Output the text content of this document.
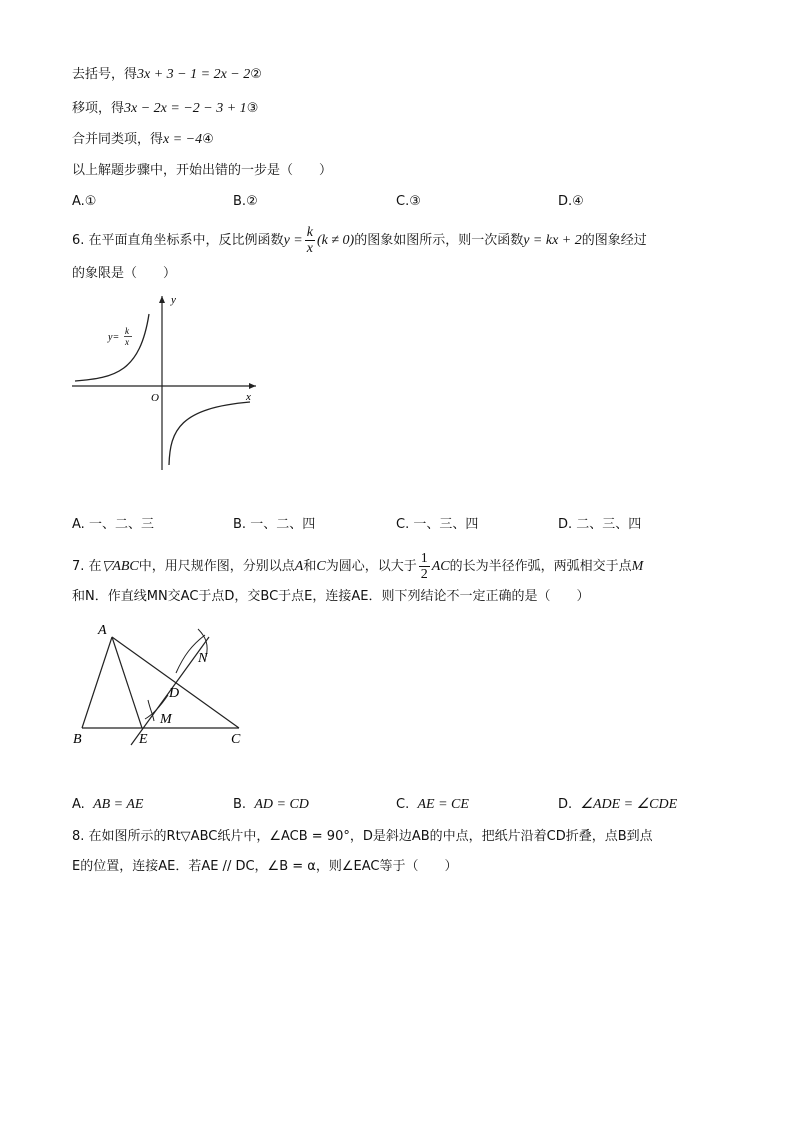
去括号，得3x + 3 − 1 = 2x − 2②
移项，得3x − 2x = −2 − 3 + 1③
合并同类项，得x = −4④
以上解题步骤中，开始出错的一步是（　　）
A.①	B.②	C.③	D.④
6. 在平面直角坐标系中，反比例函数$y = \frac{k}{x} (k \ne 0)$的图象如图所示，则一次函数y = kx + 2的图象经过
的象限是（　　）
y
x
O
y=
k
x
A. 一、二、三	B. 一、二、四	C. 一、三、四	D. 二、三、四
7. 在▽ABC中，用尺规作图，分别以点A和C为圆心，以大于 $\frac{1}{2}$ AC的长为半径作弧，两弧相交于点M
和N．作直线MN交AC于点D，交BC于点E，连接AE．则下列结论不一定正确的是（　　）
A
B	C
D
E
M
N
A. AB = AE	B. AD = CD	C. AE = CE	D. ∠ADE = ∠CDE
8. 在如图所示的Rt▽ABC纸片中，∠ACB = 90°，D是斜边AB的中点，把纸片沿着CD折叠，点B到点
E的位置，连接AE．若AE // DC，∠B = α，则∠EAC等于（　　）
